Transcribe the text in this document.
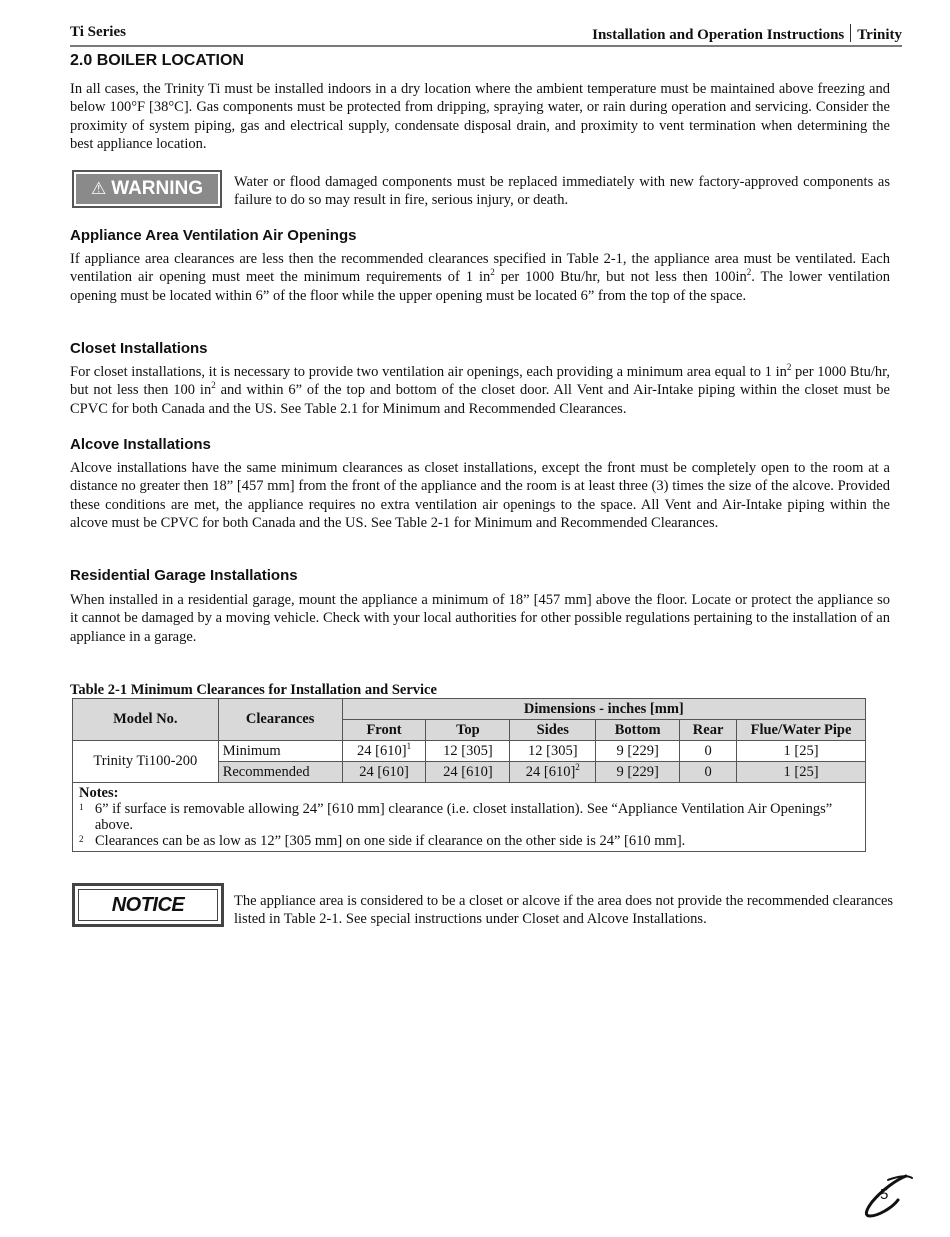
Ti Series	Installation and Operation Instructions Trinity
2.0 BOILER LOCATION

In all cases, the Trinity Ti must be installed indoors in a dry location where the ambient temperature must be maintained above freezing and below 100°F [38°C]. Gas components must be protected from dripping, spraying water, or rain during operation and servicing. Consider the proximity of system piping, gas and electrical supply, condensate disposal drain, and proximity to vent termination when determining the best appliance location.

⚠ WARNING Water or flood damaged components must be replaced immediately with new factory-approved components as failure to do so may result in fire, serious injury, or death.

Appliance Area Ventilation Air Openings

If appliance area clearances are less then the recommended clearances specified in Table 2-1, the appliance area must be ventilated. Each ventilation air opening must meet the minimum requirements of 1 $in^2$ per 1000 Btu/hr, but not less then $100in^2$. The lower ventilation opening must be located within 6” of the floor while the upper opening must be located 6” from the top of the space.

Closet Installations

For closet installations, it is necessary to provide two ventilation air openings, each providing a minimum area equal to 1 $in^2$ per 1000 Btu/hr, but not less then 100 $in^2$ and within 6” of the top and bottom of the closet door. All Vent and Air-Intake piping within the closet must be CPVC for both Canada and the US. See Table 2.1 for Minimum and Recommended Clearances.

Alcove Installations

Alcove installations have the same minimum clearances as closet installations, except the front must be completely open to the room at a distance no greater then 18” [457 mm] from the front of the appliance and the room is at least three (3) times the size of the alcove. Provided these conditions are met, the appliance requires no extra ventilation air openings to the space. All Vent and Air-Intake piping within the alcove must be CPVC for both Canada and the US. See Table 2-1 for Minimum and Recommended Clearances.

Residential Garage Installations

When installed in a residential garage, mount the appliance a minimum of 18” [457 mm] above the floor. Locate or protect the appliance so it cannot be damaged by a moving vehicle. Check with your local authorities for other possible regulations pertaining to the installation of an appliance in a garage.

Table 2-1 Minimum Clearances for Installation and Service
Model No.	Clearances	Dimensions - inches [mm]					
		Front	Top	Sides	Bottom	Rear	Flue/Water Pipe
Trinity Ti100-200	Minimum	24 $[610]^1$	12 [305]	12 [305]	9 [229]	0	1 [25]
	Recommended	24 [610]	24 [610]	24 $[610]^2$	9 [229]	0	1 [25]

Notes:
1 6” if surface is removable allowing 24” [610 mm] clearance (i.e. closet installation). See “Appliance Ventilation Air Openings” above.
2 Clearances can be as low as 12” [305 mm] on one side if clearance on the other side is 24” [610 mm].							
NOTICE	The appliance area is considered to be a closet or alcove if the area does not provide the recommended clearances listed in Table 2-1. See special instructions under Closet and Alcove Installations.

5
